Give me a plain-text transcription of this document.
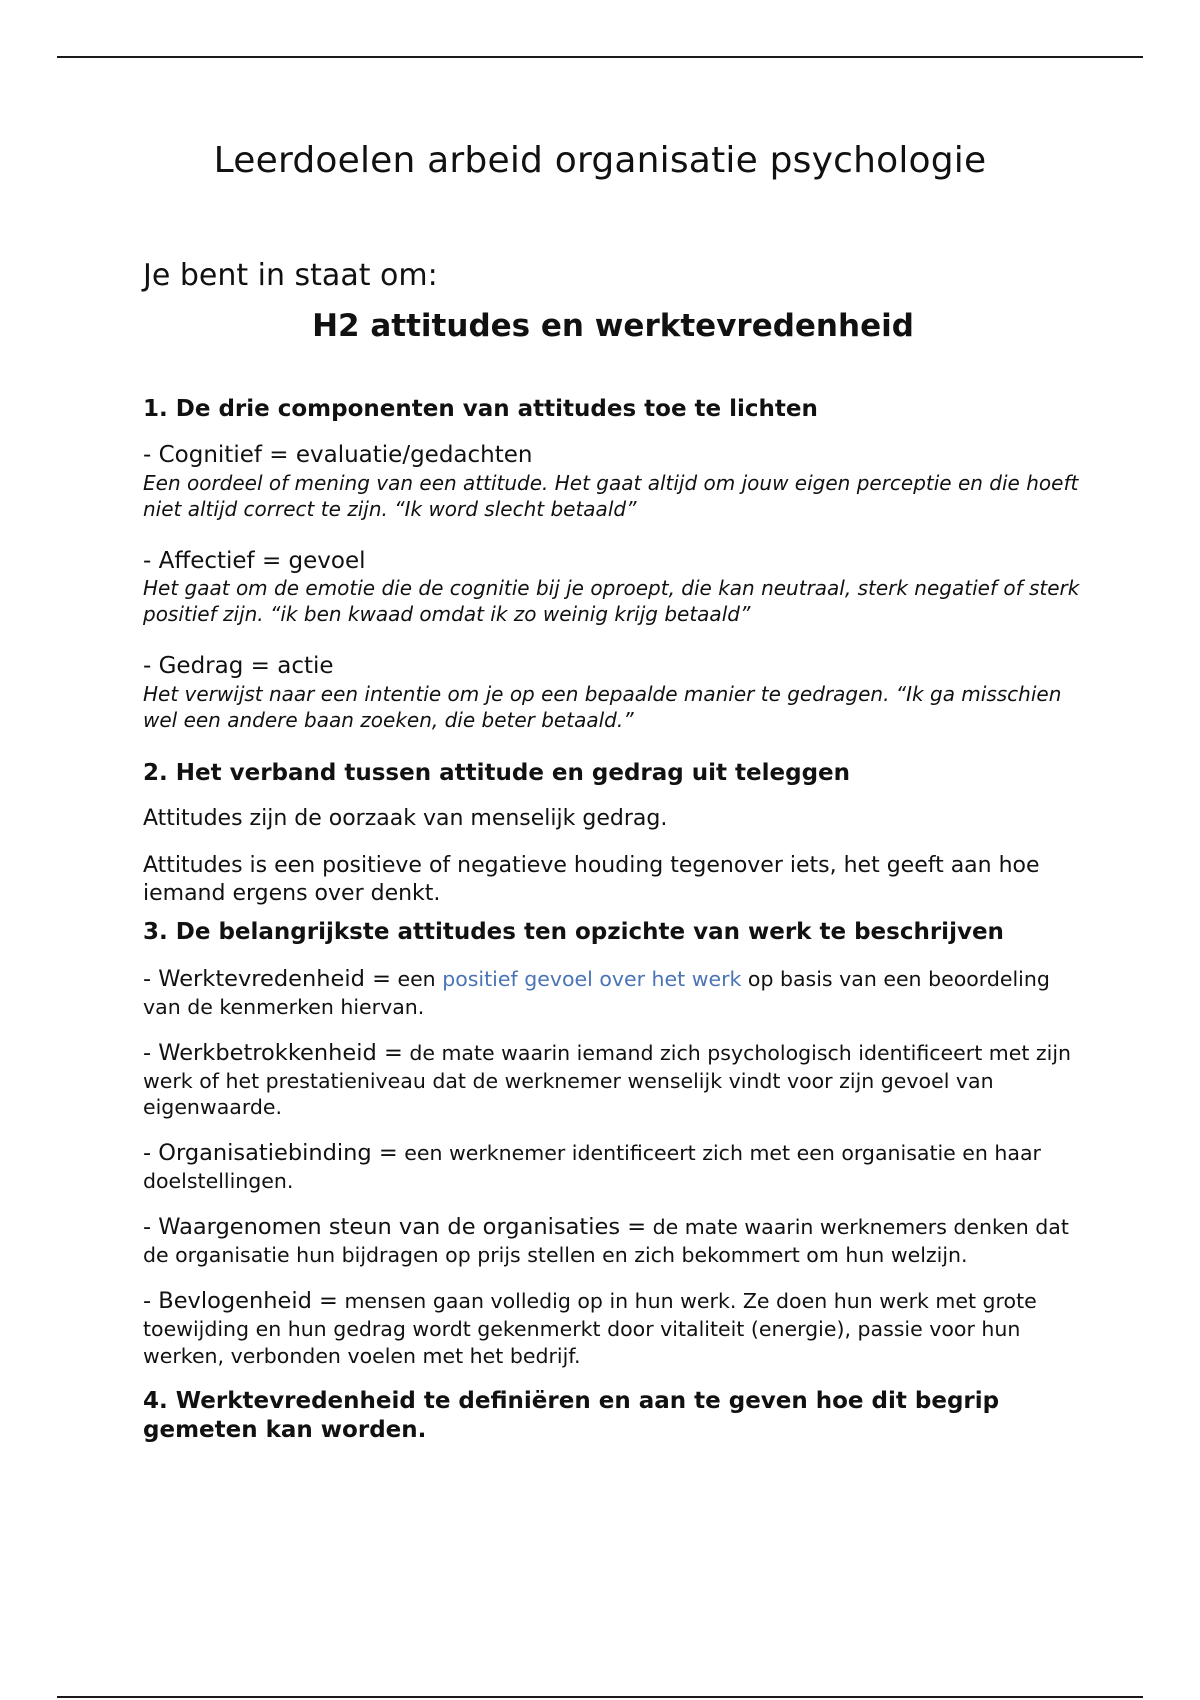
Leerdoelen arbeid organisatie psychologie

Je bent in staat om:

H2 attitudes en werktevredenheid
1. De drie componenten van attitudes toe te lichten

- Cognitief = evaluatie/gedachten

Een oordeel of mening van een attitude. Het gaat altijd om jouw eigen perceptie en die hoeft niet altijd correct te zijn. “Ik word slecht betaald”

- Affectief = gevoel

Het gaat om de emotie die de cognitie bij je oproept, die kan neutraal, sterk negatief of sterk positief zijn. “ik ben kwaad omdat ik zo weinig krijg betaald”

- Gedrag = actie

Het verwijst naar een intentie om je op een bepaalde manier te gedragen. “Ik ga misschien wel een andere baan zoeken, die beter betaald.”

2. Het verband tussen attitude en gedrag uit teleggen

Attitudes zijn de oorzaak van menselijk gedrag.

Attitudes is een positieve of negatieve houding tegenover iets, het geeft aan hoe iemand ergens over denkt.

3. De belangrijkste attitudes ten opzichte van werk te beschrijven

- Werktevredenheid = een positief gevoel over het werk op basis van een beoordeling van de kenmerken hiervan.

- Werkbetrokkenheid = de mate waarin iemand zich psychologisch identificeert met zijn werk of het prestatieniveau dat de werknemer wenselijk vindt voor zijn gevoel van eigenwaarde.

- Organisatiebinding = een werknemer identificeert zich met een organisatie en haar doelstellingen.

- Waargenomen steun van de organisaties = de mate waarin werknemers denken dat de organisatie hun bijdragen op prijs stellen en zich bekommert om hun welzijn.

- Bevlogenheid = mensen gaan volledig op in hun werk. Ze doen hun werk met grote toewijding en hun gedrag wordt gekenmerkt door vitaliteit (energie), passie voor hun werken, verbonden voelen met het bedrijf.

4. Werktevredenheid te definiëren en aan te geven hoe dit begrip gemeten kan worden.
